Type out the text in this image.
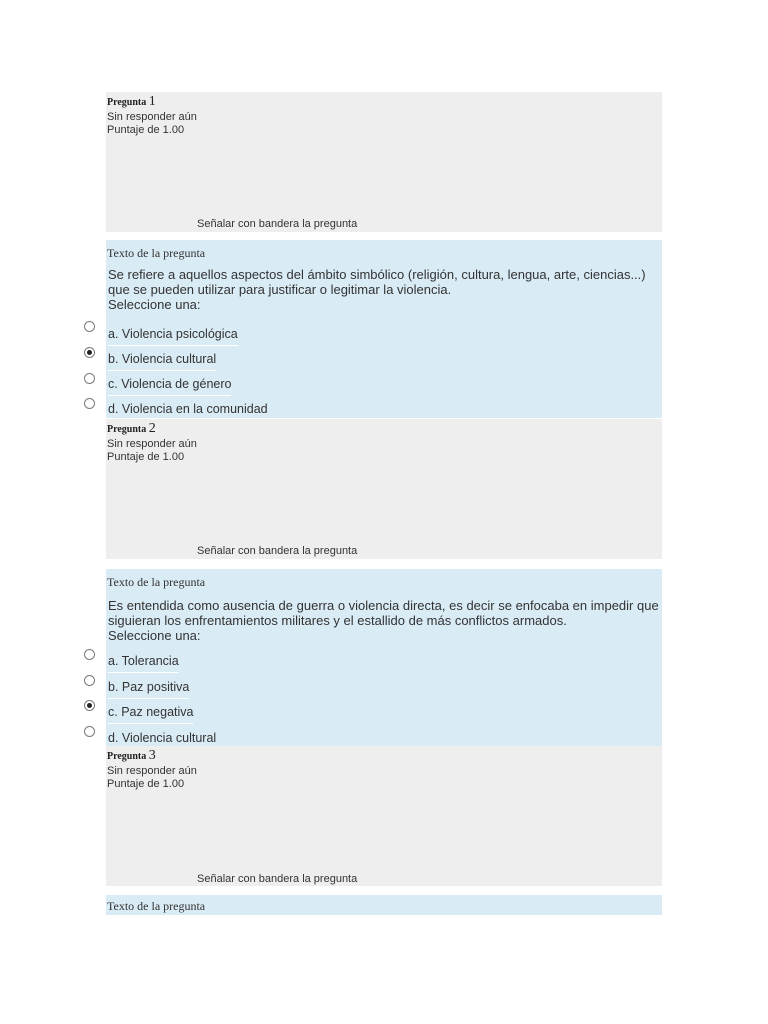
Pregunta 1
Sin responder aún
Puntaje de 1.00
Señalar con bandera la pregunta
Texto de la pregunta
Se refiere a aquellos aspectos del ámbito simbólico (religión, cultura, lengua, arte, ciencias...) que se pueden utilizar para justificar o legitimar la violencia.
Seleccione una:
a. Violencia psicológica
b. Violencia cultural
c. Violencia de género
d. Violencia en la comunidad
Pregunta 2
Sin responder aún
Puntaje de 1.00
Señalar con bandera la pregunta
Texto de la pregunta
Es entendida como ausencia de guerra o violencia directa, es decir se enfocaba en impedir que siguieran los enfrentamientos militares y el estallido de más conflictos armados.
Seleccione una:
a. Tolerancia
b. Paz positiva
c. Paz negativa
d. Violencia cultural
Pregunta 3
Sin responder aún
Puntaje de 1.00
Señalar con bandera la pregunta
Texto de la pregunta
